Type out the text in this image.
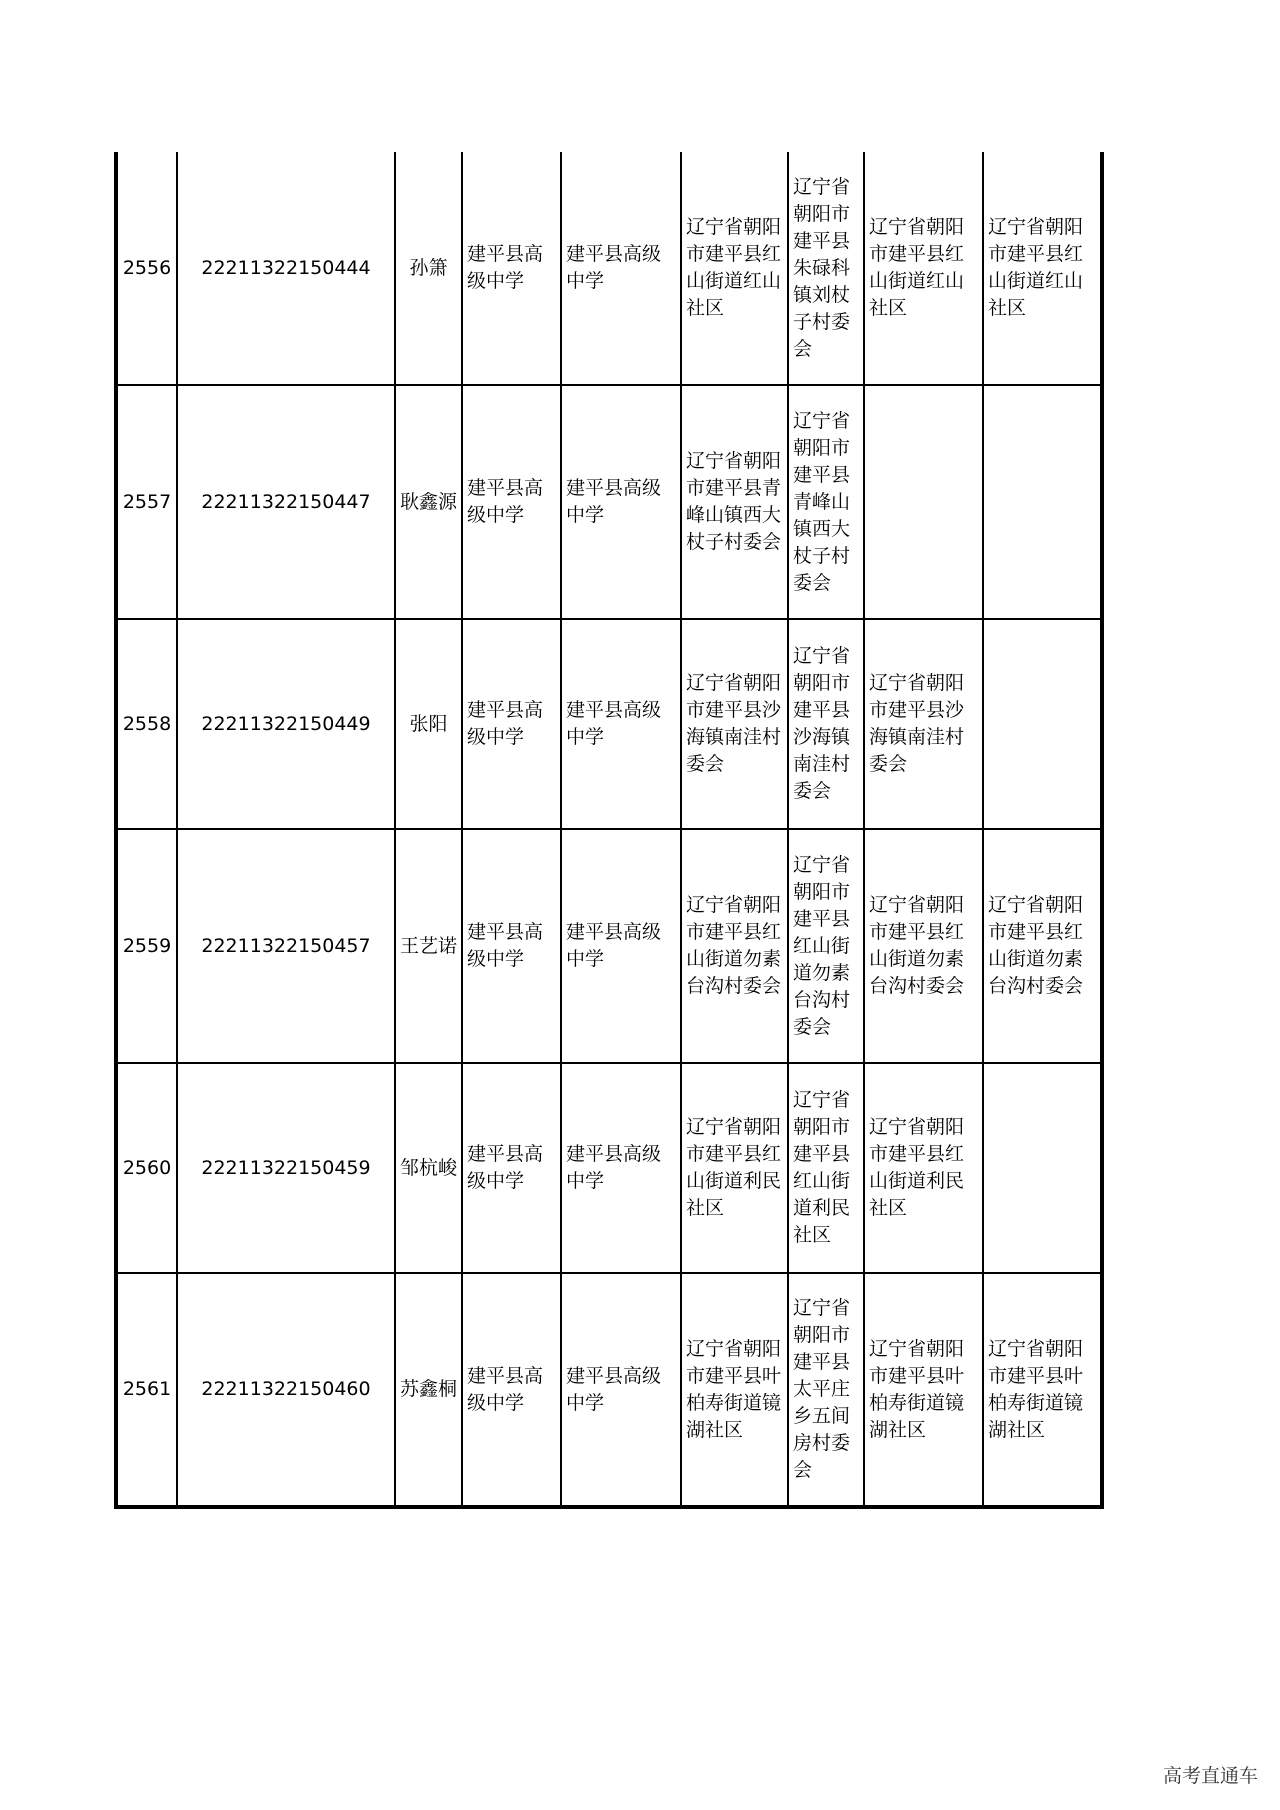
2556	22211322150444	孙箫	建平县高级中学	建平县高级中学	辽宁省朝阳市建平县红山街道红山社区	辽宁省朝阳市建平县朱碌科镇刘杖子村委会	辽宁省朝阳市建平县红山街道红山社区	辽宁省朝阳市建平县红山街道红山社区
2557	22211322150447	耿鑫源	建平县高级中学	建平县高级中学	辽宁省朝阳市建平县青峰山镇西大杖子村委会	辽宁省朝阳市建平县青峰山镇西大杖子村委会		
2558	22211322150449	张阳	建平县高级中学	建平县高级中学	辽宁省朝阳市建平县沙海镇南洼村委会	辽宁省朝阳市建平县沙海镇南洼村委会	辽宁省朝阳市建平县沙海镇南洼村委会	
2559	22211322150457	王艺诺	建平县高级中学	建平县高级中学	辽宁省朝阳市建平县红山街道勿素台沟村委会	辽宁省朝阳市建平县红山街道勿素台沟村委会	辽宁省朝阳市建平县红山街道勿素台沟村委会	辽宁省朝阳市建平县红山街道勿素台沟村委会
2560	22211322150459	邹杭峻	建平县高级中学	建平县高级中学	辽宁省朝阳市建平县红山街道利民社区	辽宁省朝阳市建平县红山街道利民社区	辽宁省朝阳市建平县红山街道利民社区	
2561	22211322150460	苏鑫桐	建平县高级中学	建平县高级中学	辽宁省朝阳市建平县叶柏寿街道镜湖社区	辽宁省朝阳市建平县太平庄乡五间房村委会	辽宁省朝阳市建平县叶柏寿街道镜湖社区	辽宁省朝阳市建平县叶柏寿街道镜湖社区
高考直通车
